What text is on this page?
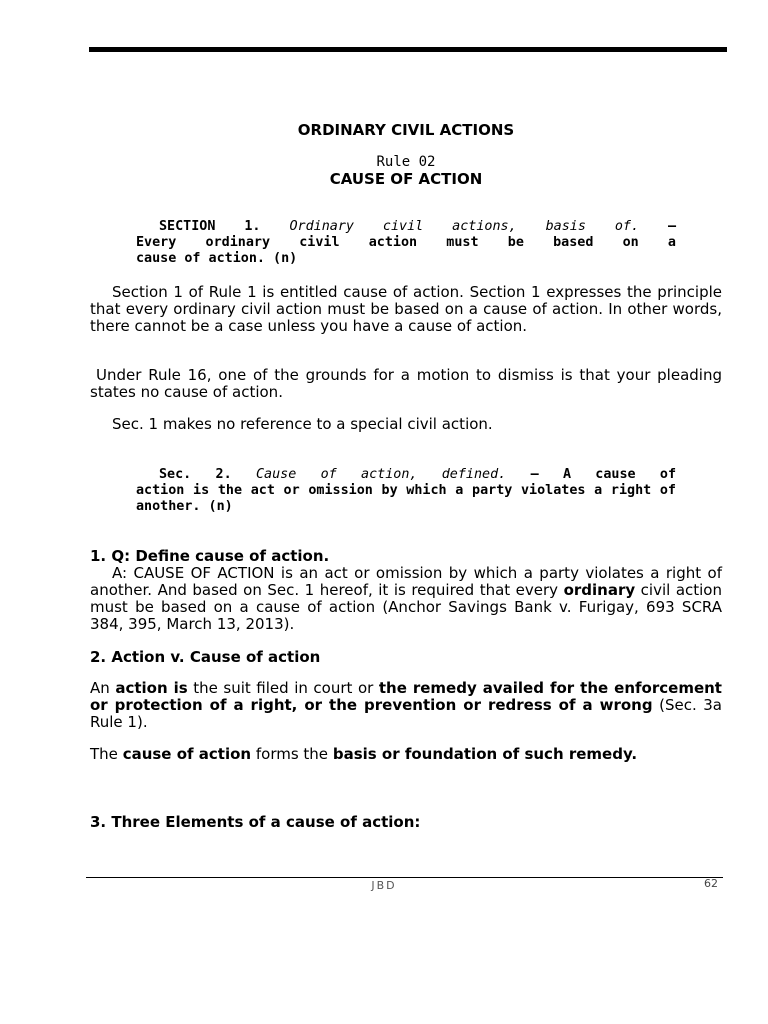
ORDINARY CIVIL ACTIONS
Rule 02
CAUSE OF ACTION
SECTION 1. Ordinary civil actions, basis of. –
Every ordinary civil action must be based on a
cause of action. (n)
Section 1 of Rule 1 is entitled cause of action. Section 1 expresses the principle that every ordinary civil action must be based on a cause of action. In other words, there cannot be a case unless you have a cause of action.
Under Rule 16, one of the grounds for a motion to dismiss is that your pleading states no cause of action.
Sec. 1 makes no reference to a special civil action.
Sec. 2. Cause of action, defined. – A cause of
action is the act or omission by which a party violates a right of another. (n)
1. Q: Define cause of action.
A: CAUSE OF ACTION is an act or omission by which a party violates a right of another. And based on Sec. 1 hereof, it is required that every ordinary civil action must be based on a cause of action (Anchor Savings Bank v. Furigay, 693 SCRA 384, 395, March 13, 2013).
2. Action v. Cause of action
An action is the suit filed in court or the remedy availed for the enforcement or protection of a right, or the prevention or redress of a wrong (Sec. 3a Rule 1).
The cause of action forms the basis or foundation of such remedy.
3. Three Elements of a cause of action:
JBD	62
